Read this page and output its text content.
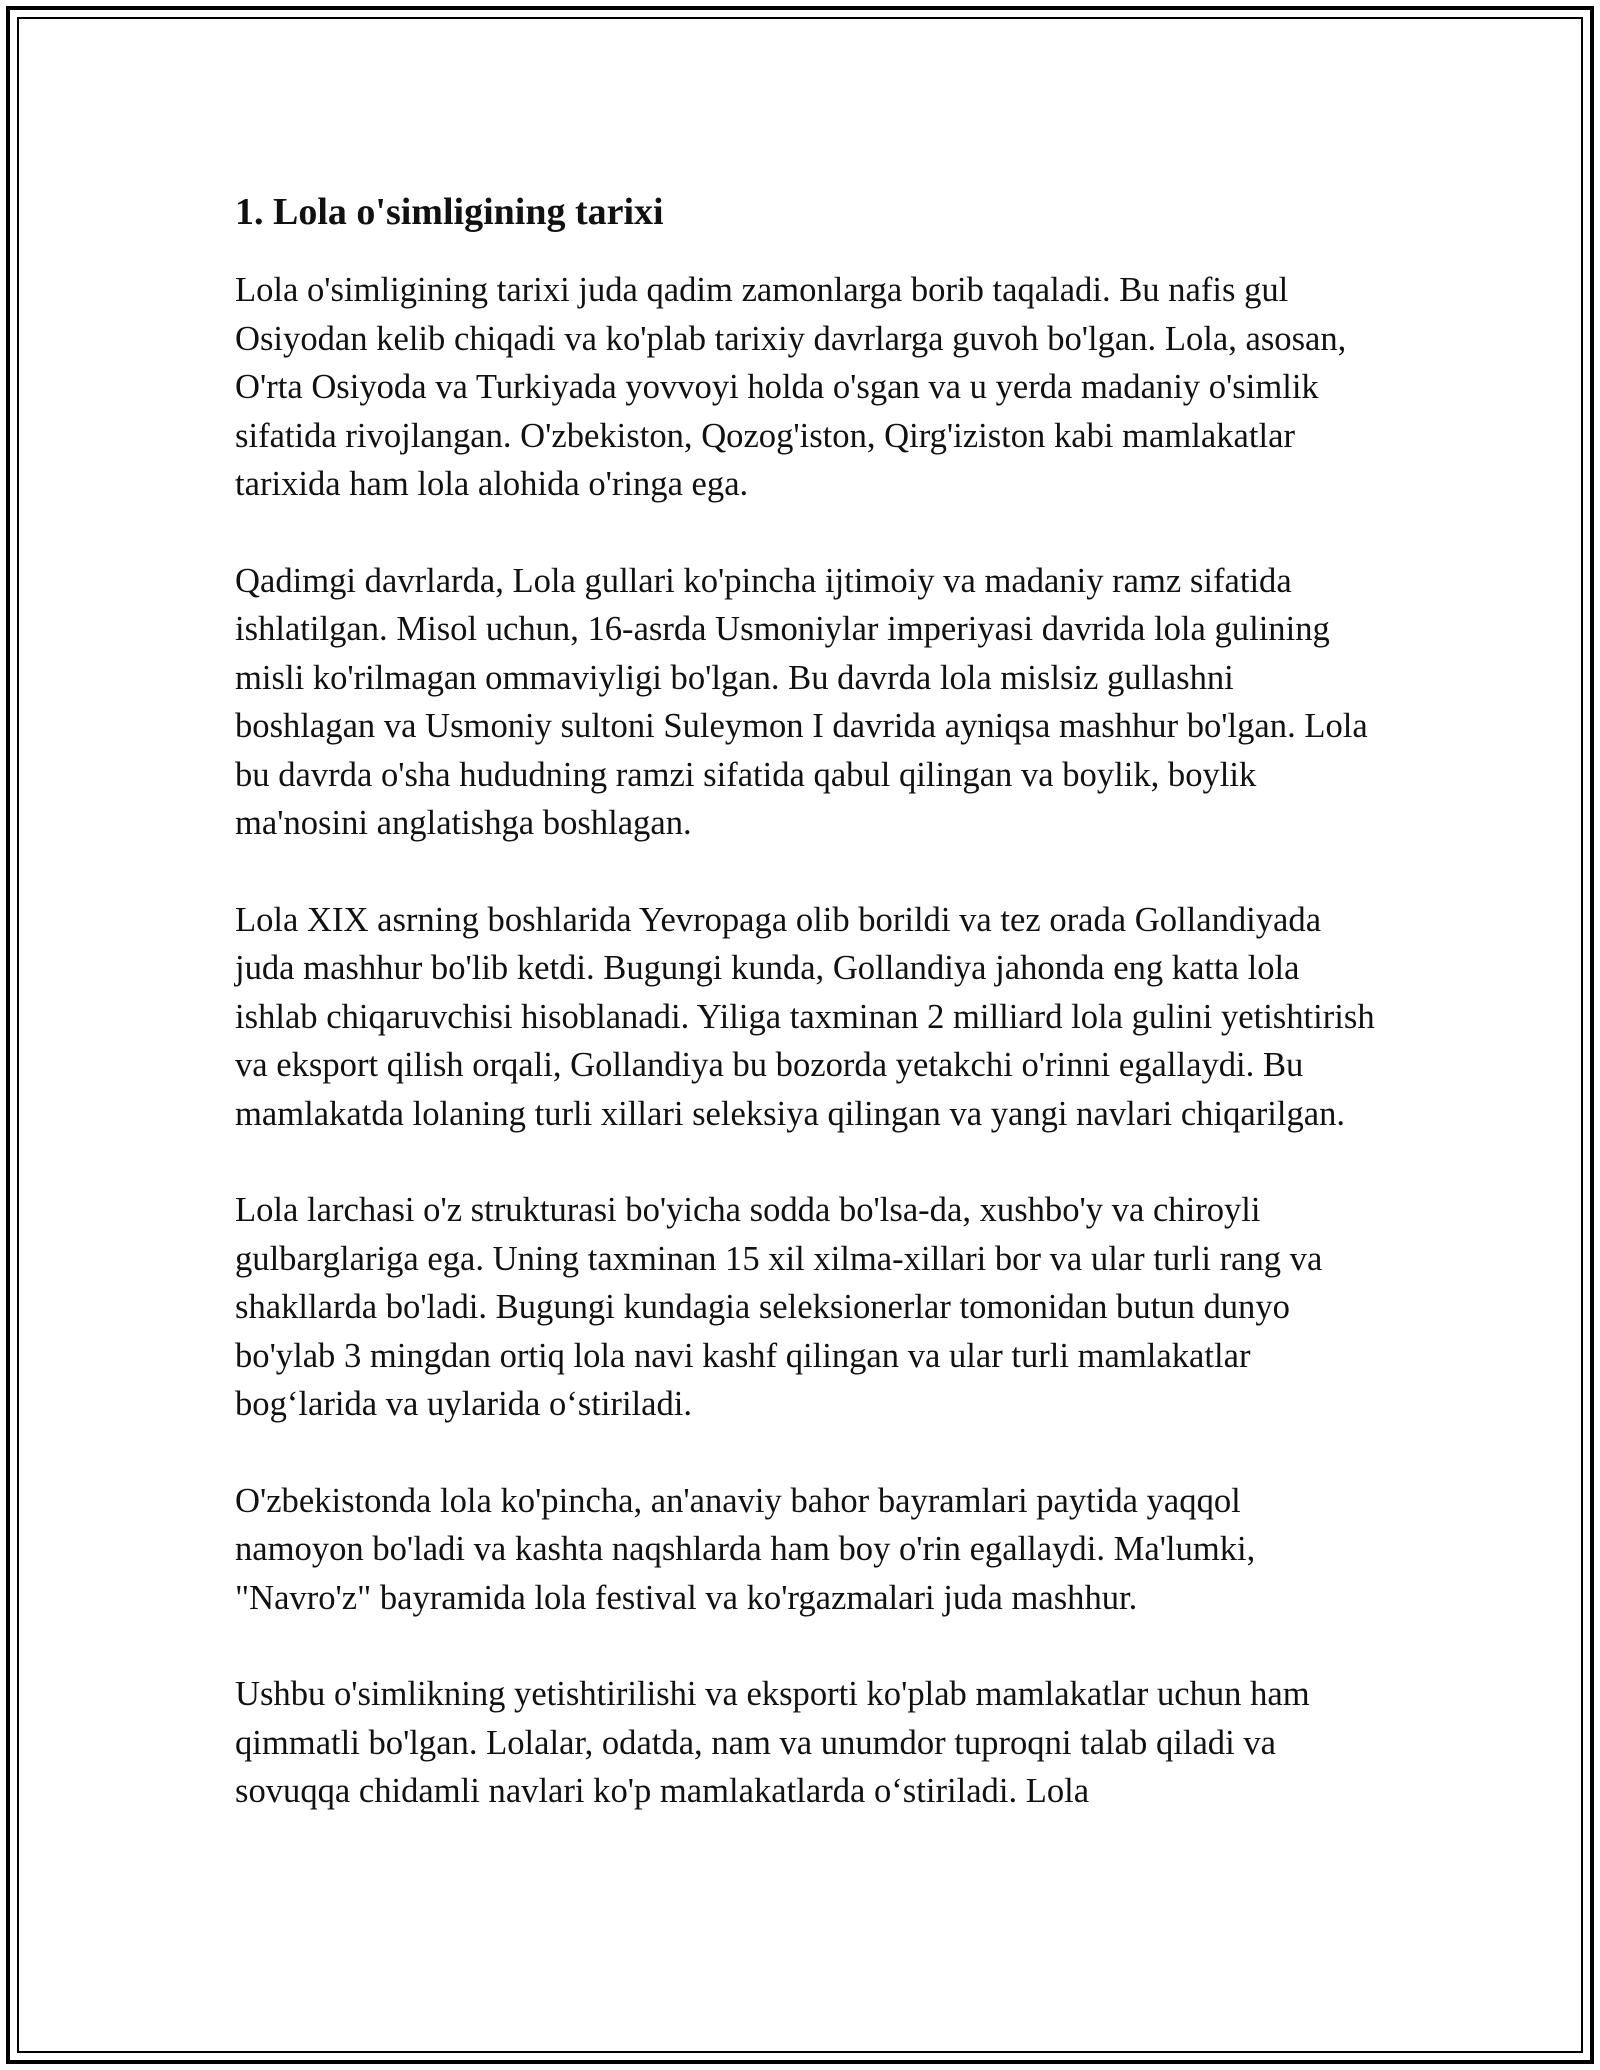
1. Lola o'simligining tarixi

Lola o'simligining tarixi juda qadim zamonlarga borib taqaladi. Bu nafis gul Osiyodan kelib chiqadi va ko'plab tarixiy davrlarga guvoh bo'lgan. Lola, asosan, O'rta Osiyoda va Turkiyada yovvoyi holda o'sgan va u yerda madaniy o'simlik sifatida rivojlangan. O'zbekiston, Qozog'iston, Qirg'iziston kabi mamlakatlar tarixida ham lola alohida o'ringa ega.

Qadimgi davrlarda, Lola gullari ko'pincha ijtimoiy va madaniy ramz sifatida ishlatilgan. Misol uchun, 16-asrda Usmoniylar imperiyasi davrida lola gulining misli ko'rilmagan ommaviyligi bo'lgan. Bu davrda lola mislsiz gullashni boshlagan va Usmoniy sultoni Suleymon I davrida ayniqsa mashhur bo'lgan. Lola bu davrda o'sha hududning ramzi sifatida qabul qilingan va boylik, boylik ma'nosini anglatishga boshlagan.

Lola XIX asrning boshlarida Yevropaga olib borildi va tez orada Gollandiyada juda mashhur bo'lib ketdi. Bugungi kunda, Gollandiya jahonda eng katta lola ishlab chiqaruvchisi hisoblanadi. Yiliga taxminan 2 milliard lola gulini yetishtirish va eksport qilish orqali, Gollandiya bu bozorda yetakchi o'rinni egallaydi. Bu mamlakatda lolaning turli xillari seleksiya qilingan va yangi navlari chiqarilgan.

Lola larchasi o'z strukturasi bo'yicha sodda bo'lsa-da, xushbo'y va chiroyli gulbarglariga ega. Uning taxminan 15 xil xilma-xillari bor va ular turli rang va shakllarda bo'ladi. Bugungi kundagia seleksionerlar tomonidan butun dunyo bo'ylab 3 mingdan ortiq lola navi kashf qilingan va ular turli mamlakatlar bog‘larida va uylarida o‘stiriladi.

O'zbekistonda lola ko'pincha, an'anaviy bahor bayramlari paytida yaqqol namoyon bo'ladi va kashta naqshlarda ham boy o'rin egallaydi. Ma'lumki, "Navro'z" bayramida lola festival va ko'rgazmalari juda mashhur.

Ushbu o'simlikning yetishtirilishi va eksporti ko'plab mamlakatlar uchun ham qimmatli bo'lgan. Lolalar, odatda, nam va unumdor tuproqni talab qiladi va sovuqqa chidamli navlari ko'p mamlakatlarda o‘stiriladi. Lola
